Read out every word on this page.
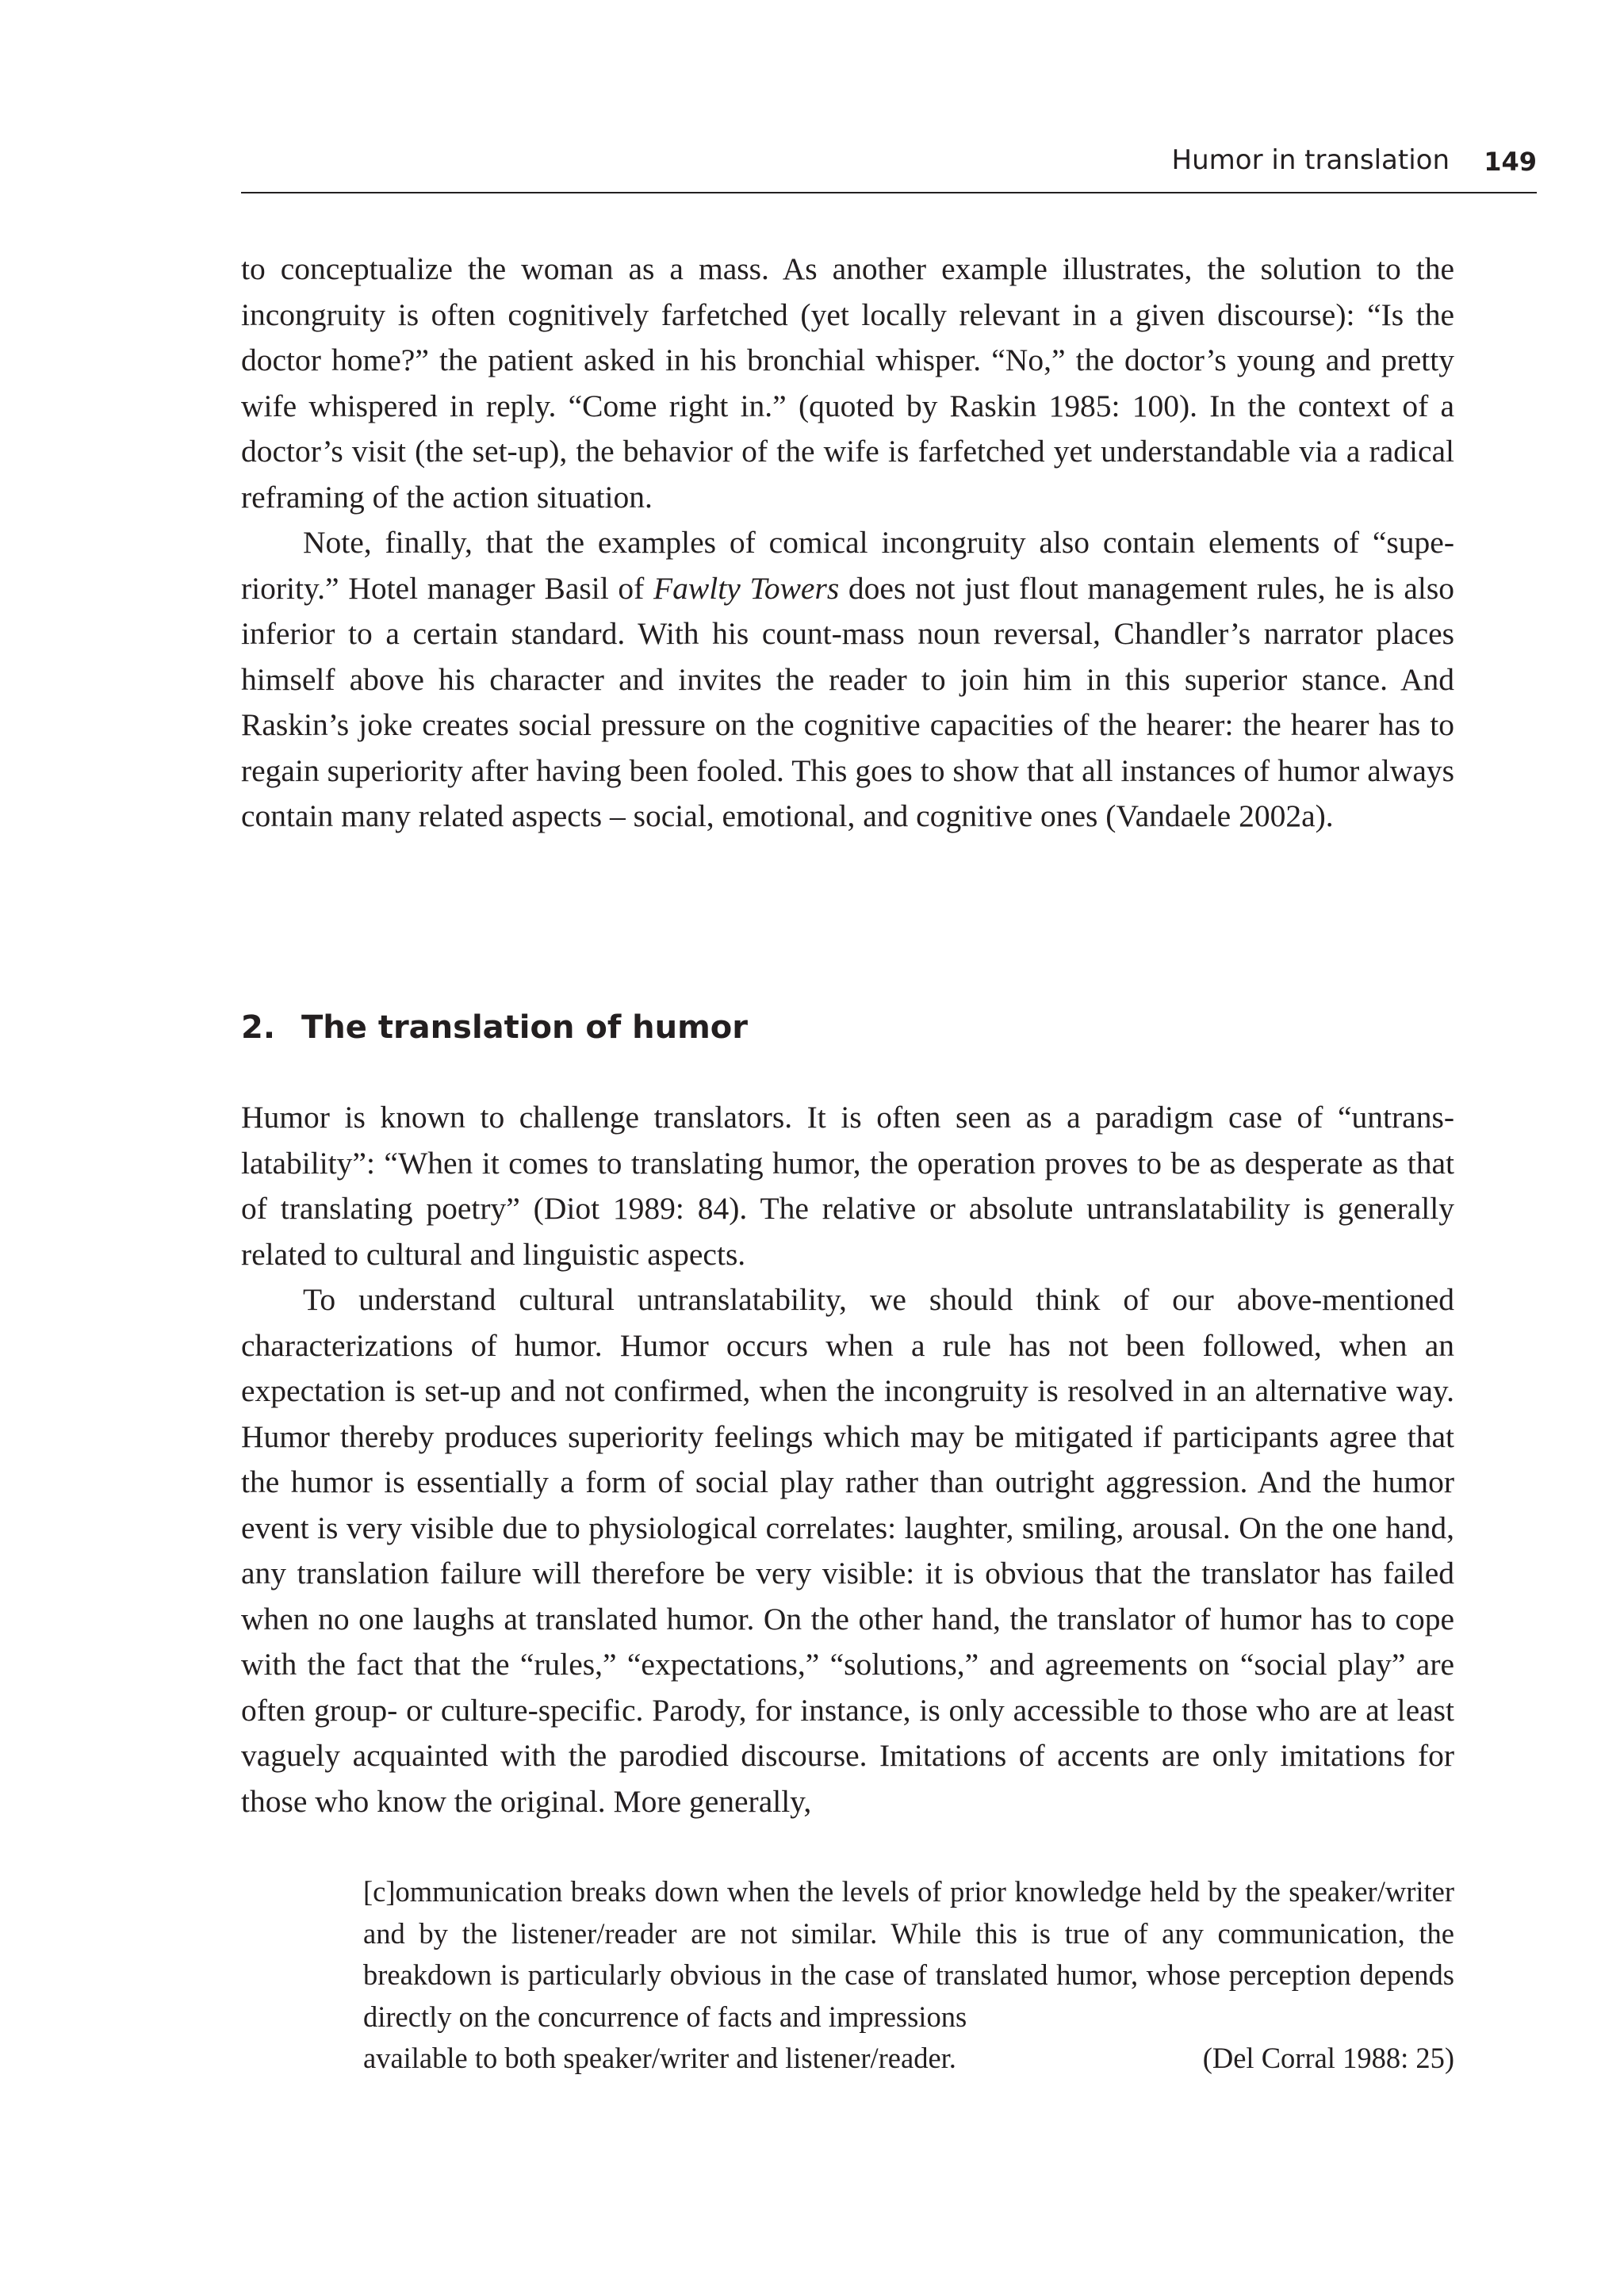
Humor in translation 149

to conceptualize the woman as a mass. As another example illustrates, the solution to the incongruity is often cognitively farfetched (yet locally relevant in a given discourse): “Is the doctor home?” the patient asked in his bronchial whisper. “No,” the doctor’s young and pretty wife whispered in reply. “Come right in.” (quoted by Raskin 1985: 100). In the context of a doctor’s visit (the set-up), the behavior of the wife is farfetched yet understandable via a radical reframing of the action situation.

Note, finally, that the examples of comical incongruity also contain elements of “superiority.” Hotel manager Basil of Fawlty Towers does not just flout management rules, he is also inferior to a certain standard. With his count-mass noun reversal, Chandler’s narrator places himself above his character and invites the reader to join him in this superior stance. And Raskin’s joke creates social pressure on the cognitive capacities of the hearer: the hearer has to regain superiority after having been fooled. This goes to show that all instances of humor always contain many related aspects – social, emotional, and cognitive ones (Vandaele 2002a).

2. The translation of humor

Humor is known to challenge translators. It is often seen as a paradigm case of “untranslatability”: “When it comes to translating humor, the operation proves to be as desperate as that of translating poetry” (Diot 1989: 84). The relative or absolute untranslatability is generally related to cultural and linguistic aspects.

To understand cultural untranslatability, we should think of our above-mentioned characterizations of humor. Humor occurs when a rule has not been followed, when an expectation is set-up and not confirmed, when the incongruity is resolved in an alternative way. Humor thereby produces superiority feelings which may be mitigated if participants agree that the humor is essentially a form of social play rather than outright aggression. And the humor event is very visible due to physiological correlates: laughter, smiling, arousal. On the one hand, any translation failure will therefore be very visible: it is obvious that the translator has failed when no one laughs at translated humor. On the other hand, the translator of humor has to cope with the fact that the “rules,” “expectations,” “solutions,” and agreements on “social play” are often group- or culture-specific. Parody, for instance, is only accessible to those who are at least vaguely acquainted with the parodied discourse. Imitations of accents are only imitations for those who know the original. More generally,

[c]ommunication breaks down when the levels of prior knowledge held by the speaker/writer and by the listener/reader are not similar. While this is true of any communication, the breakdown is particularly obvious in the case of translated humor, whose perception depends directly on the concurrence of facts and impressions
available to both speaker/writer and listener/reader.	(Del Corral 1988: 25)
